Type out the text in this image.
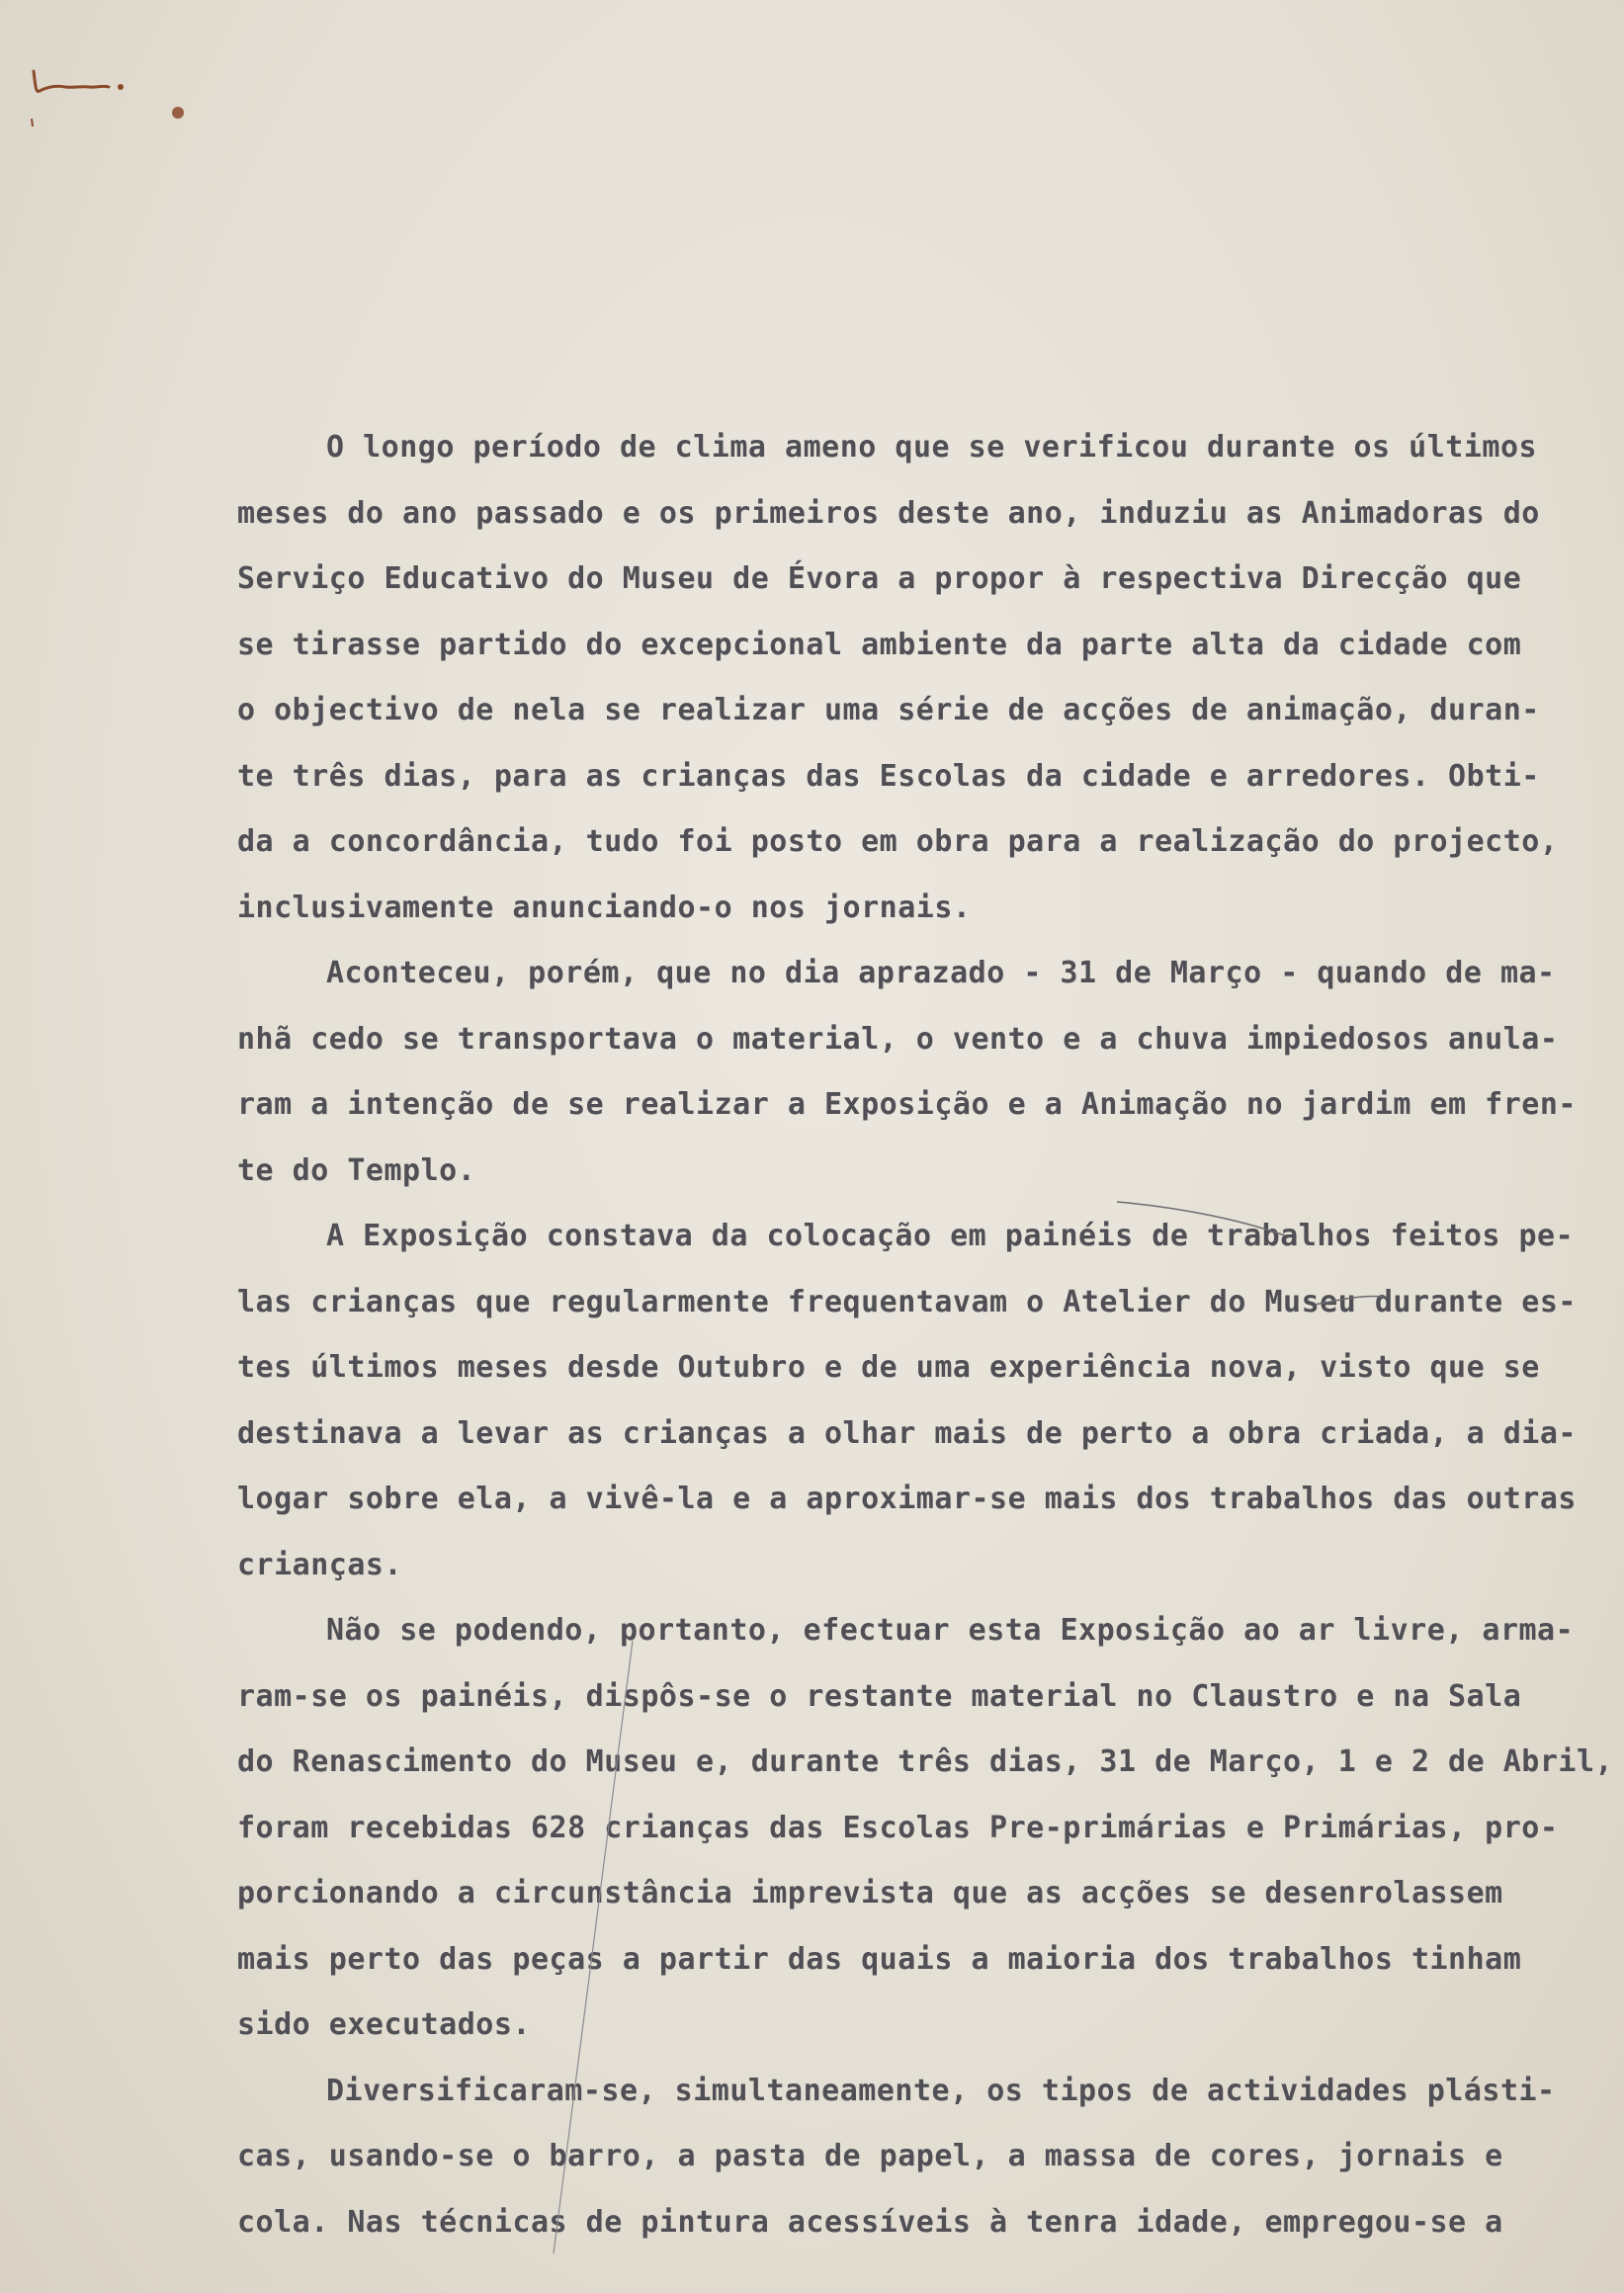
O longo período de clima ameno que se verificou durante os últimos
meses do ano passado e os primeiros deste ano, induziu as Animadoras do
Serviço Educativo do Museu de Évora a propor à respectiva Direcção que
se tirasse partido do excepcional ambiente da parte alta da cidade com
o objectivo de nela se realizar uma série de acções de animação, duran-
te três dias, para as crianças das Escolas da cidade e arredores. Obti-
da a concordância, tudo foi posto em obra para a realização do projecto,
inclusivamente anunciando-o nos jornais.
Aconteceu, porém, que no dia aprazado - 31 de Março - quando de ma-
nhã cedo se transportava o material, o vento e a chuva impiedosos anula-
ram a intenção de se realizar a Exposição e a Animação no jardim em fren-
te do Templo.
A Exposição constava da colocação em painéis de trabalhos feitos pe-
las crianças que regularmente frequentavam o Atelier do Museu durante es-
tes últimos meses desde Outubro e de uma experiência nova, visto que se
destinava a levar as crianças a olhar mais de perto a obra criada, a dia-
logar sobre ela, a vivê-la e a aproximar-se mais dos trabalhos das outras
crianças.
Não se podendo, portanto, efectuar esta Exposição ao ar livre, arma-
ram-se os painéis, dispôs-se o restante material no Claustro e na Sala
do Renascimento do Museu e, durante três dias, 31 de Março, 1 e 2 de Abril,
foram recebidas 628 crianças das Escolas Pre-primárias e Primárias, pro-
porcionando a circunstância imprevista que as acções se desenrolassem
mais perto das peças a partir das quais a maioria dos trabalhos tinham
sido executados.
Diversificaram-se, simultaneamente, os tipos de actividades plásti-
cas, usando-se o barro, a pasta de papel, a massa de cores, jornais e
cola. Nas técnicas de pintura acessíveis à tenra idade, empregou-se a
